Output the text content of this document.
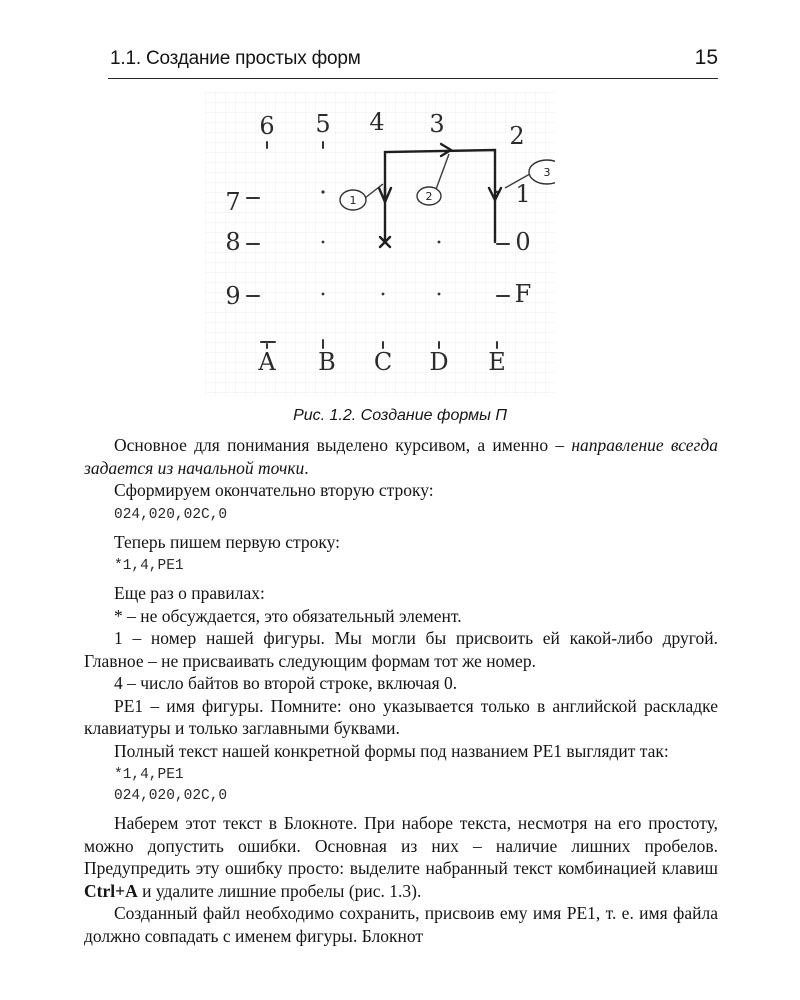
1.1. Создание простых форм	15
6 5 4 3	2
7
8
9
1
0
F
A B C D E
1	2
3
Рис. 1.2. Создание формы П

Основное для понимания выделено курсивом, а именно – направление всегда задается из начальной точки.

Сформируем окончательно вторую строку:

024,020,02C,0

Теперь пишем первую строку:

*1,4,PE1

Еще раз о правилах:

* – не обсуждается, это обязательный элемент.

1 – номер нашей фигуры. Мы могли бы присвоить ей какой-либо другой. Главное – не присваивать следующим формам тот же номер.

4 – число байтов во второй строке, включая 0.

PE1 – имя фигуры. Помните: оно указывается только в английской раскладке клавиатуры и только заглавными буквами.

Полный текст нашей конкретной формы под названием PE1 выглядит так:

*1,4,PE1

024,020,02C,0

Наберем этот текст в Блокноте. При наборе текста, несмотря на его простоту, можно допустить ошибки. Основная из них – наличие лишних пробелов. Предупредить эту ошибку просто: выделите набранный текст комбинацией клавиш Ctrl+A и удалите лишние пробелы (рис. 1.3).

Созданный файл необходимо сохранить, присвоив ему имя PE1, т. е. имя файла должно совпадать с именем фигуры. Блокнот
